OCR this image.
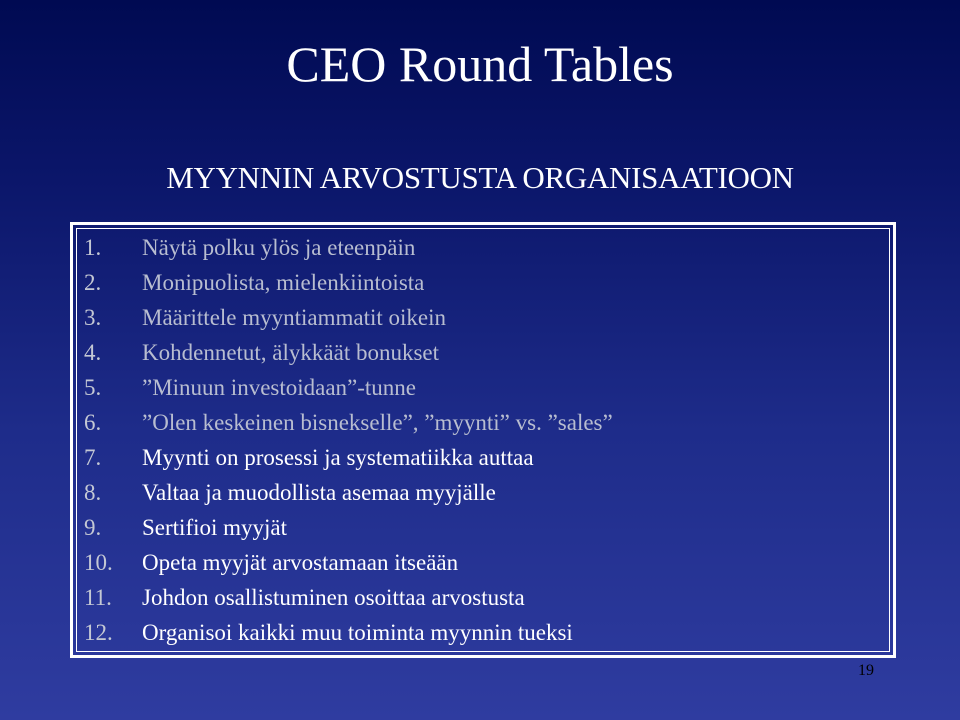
CEO Round Tables
MYYNNIN ARVOSTUSTA ORGANISAATIOON
1. Näytä polku ylös ja eteenpäin
2. Monipuolista, mielenkiintoista
3. Määrittele myyntiammatit oikein
4. Kohdennetut, älykkäät bonukset
5. ”Minuun investoidaan”-tunne
6. ”Olen keskeinen bisnekselle”, ”myynti” vs. ”sales”
7. Myynti on prosessi ja systematiikka auttaa
8. Valtaa ja muodollista asemaa myyjälle
9. Sertifioi myyjät
10. Opeta myyjät arvostamaan itseään
11. Johdon osallistuminen osoittaa arvostusta
12. Organisoi kaikki muu toiminta myynnin tueksi
19
